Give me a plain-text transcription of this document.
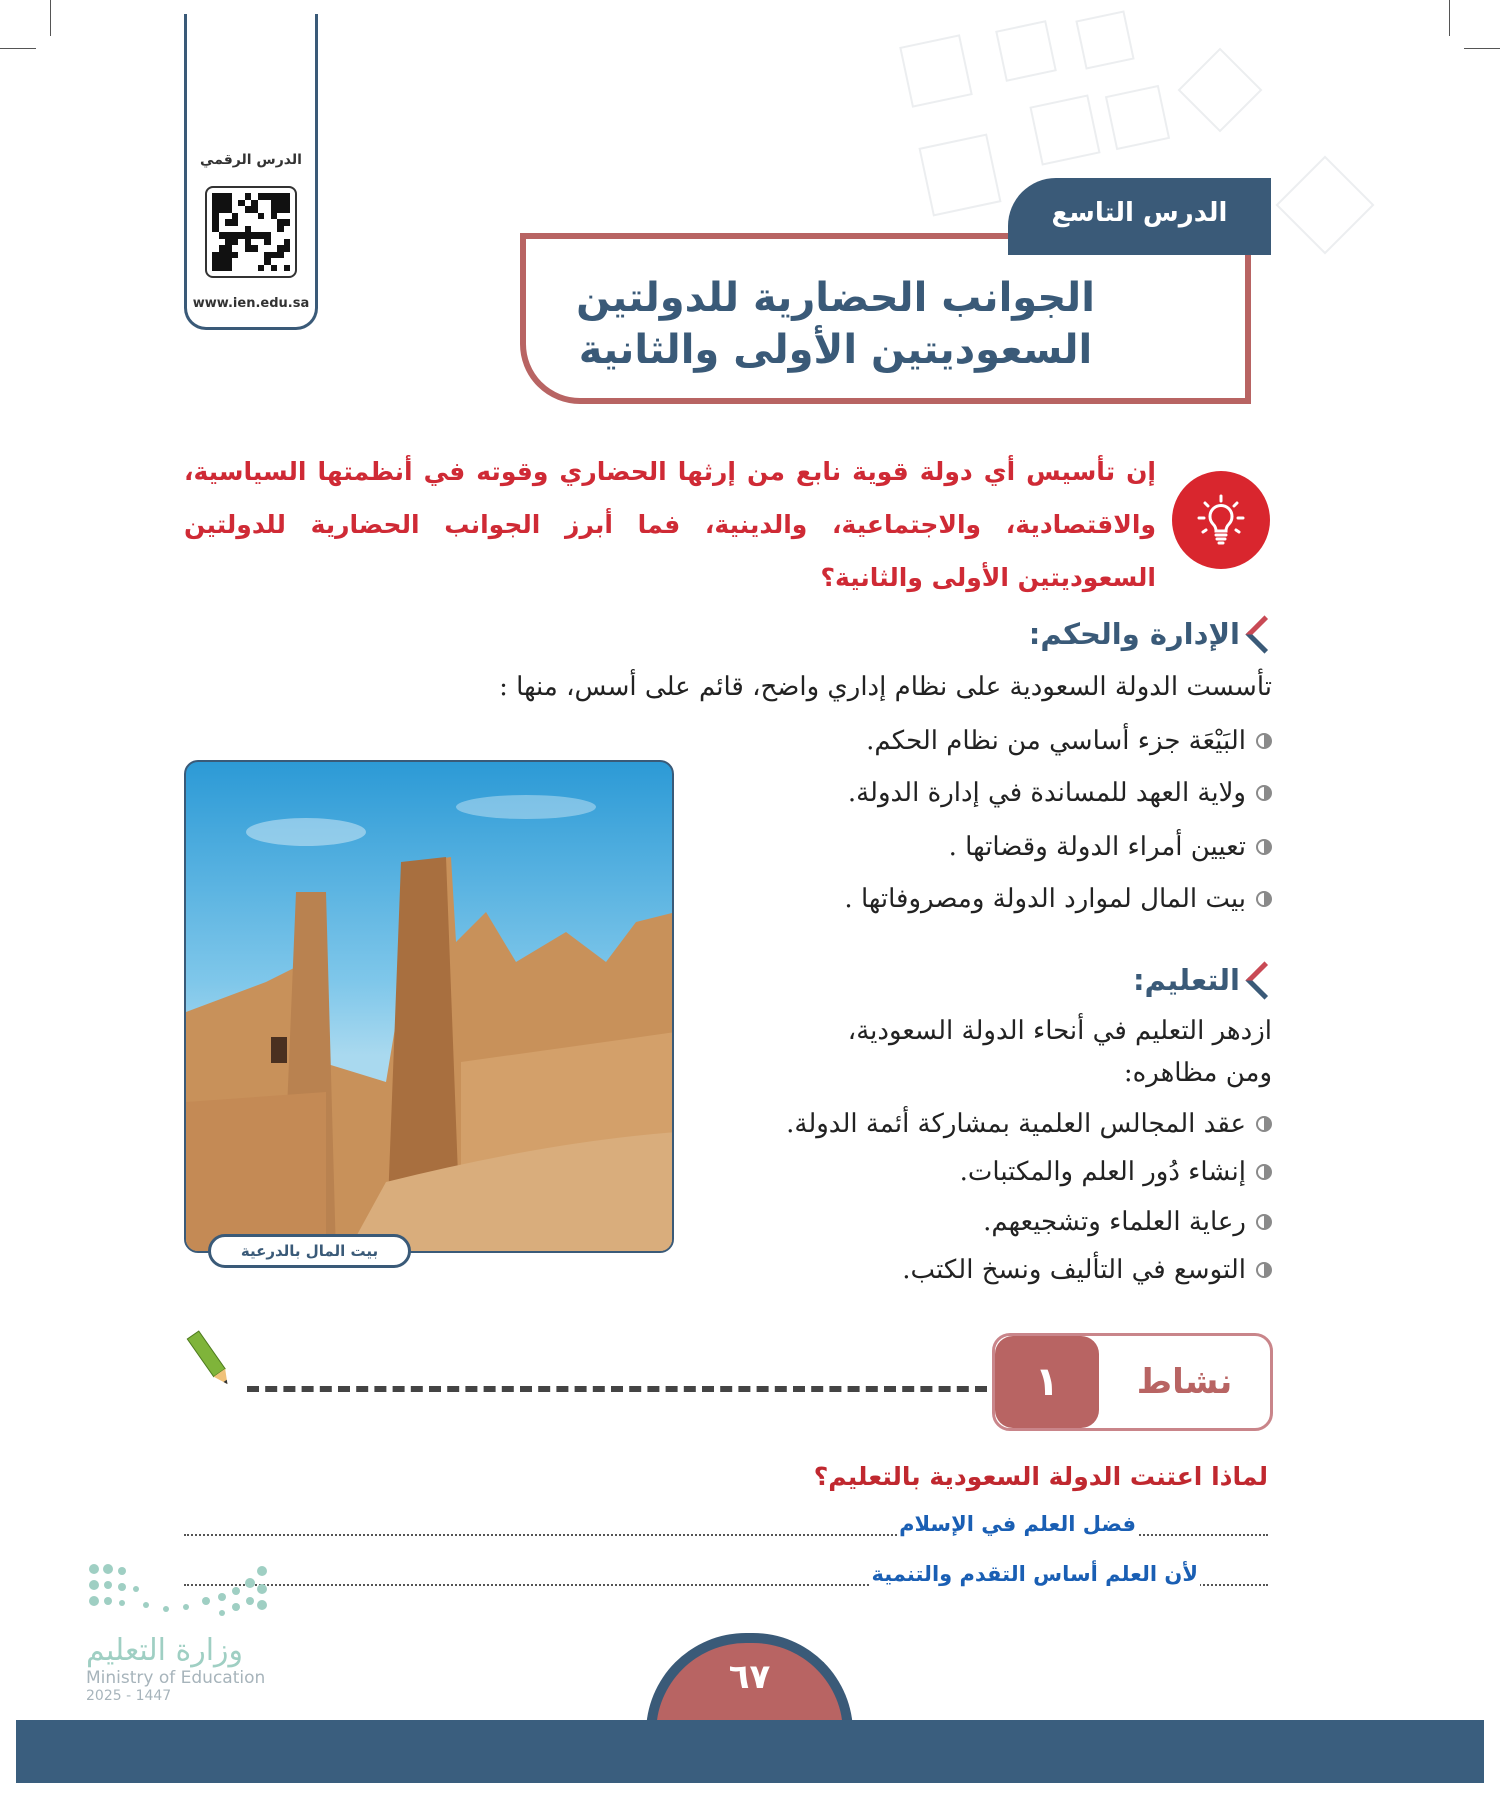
الدرس الرقمي
www.ien.edu.sa
الدرس التاسع
الجوانب الحضارية للدولتين
السعوديتين الأولى والثانية
إن تأسيس أي دولة قوية نابع من إرثها الحضاري وقوته في أنظمتها السياسية، والاقتصادية، والاجتماعية، والدينية، فما أبرز الجوانب الحضارية للدولتين السعوديتين الأولى والثانية؟
الإدارة والحكم:
تأسست الدولة السعودية على نظام إداري واضح، قائم على أسس، منها :
البَيْعَة جزء أساسي من نظام الحكم.
ولاية العهد للمساندة في إدارة الدولة.
تعيين أمراء الدولة وقضاتها .
بيت المال لموارد الدولة ومصروفاتها .
بيت المال بالدرعية
التعليم:
ازدهر التعليم في أنحاء الدولة السعودية،
ومن مظاهره:
عقد المجالس العلمية بمشاركة أئمة الدولة.
إنشاء دُور العلم والمكتبات.
رعاية العلماء وتشجيعهم.
التوسع في التأليف ونسخ الكتب.
١	نشاط
لماذا اعتنت الدولة السعودية بالتعليم؟
فضل العلم في الإسلام
لأن العلم أساس التقدم والتنمية
وزارة التعليم
Ministry of Education
2025 - 1447	٦٧
